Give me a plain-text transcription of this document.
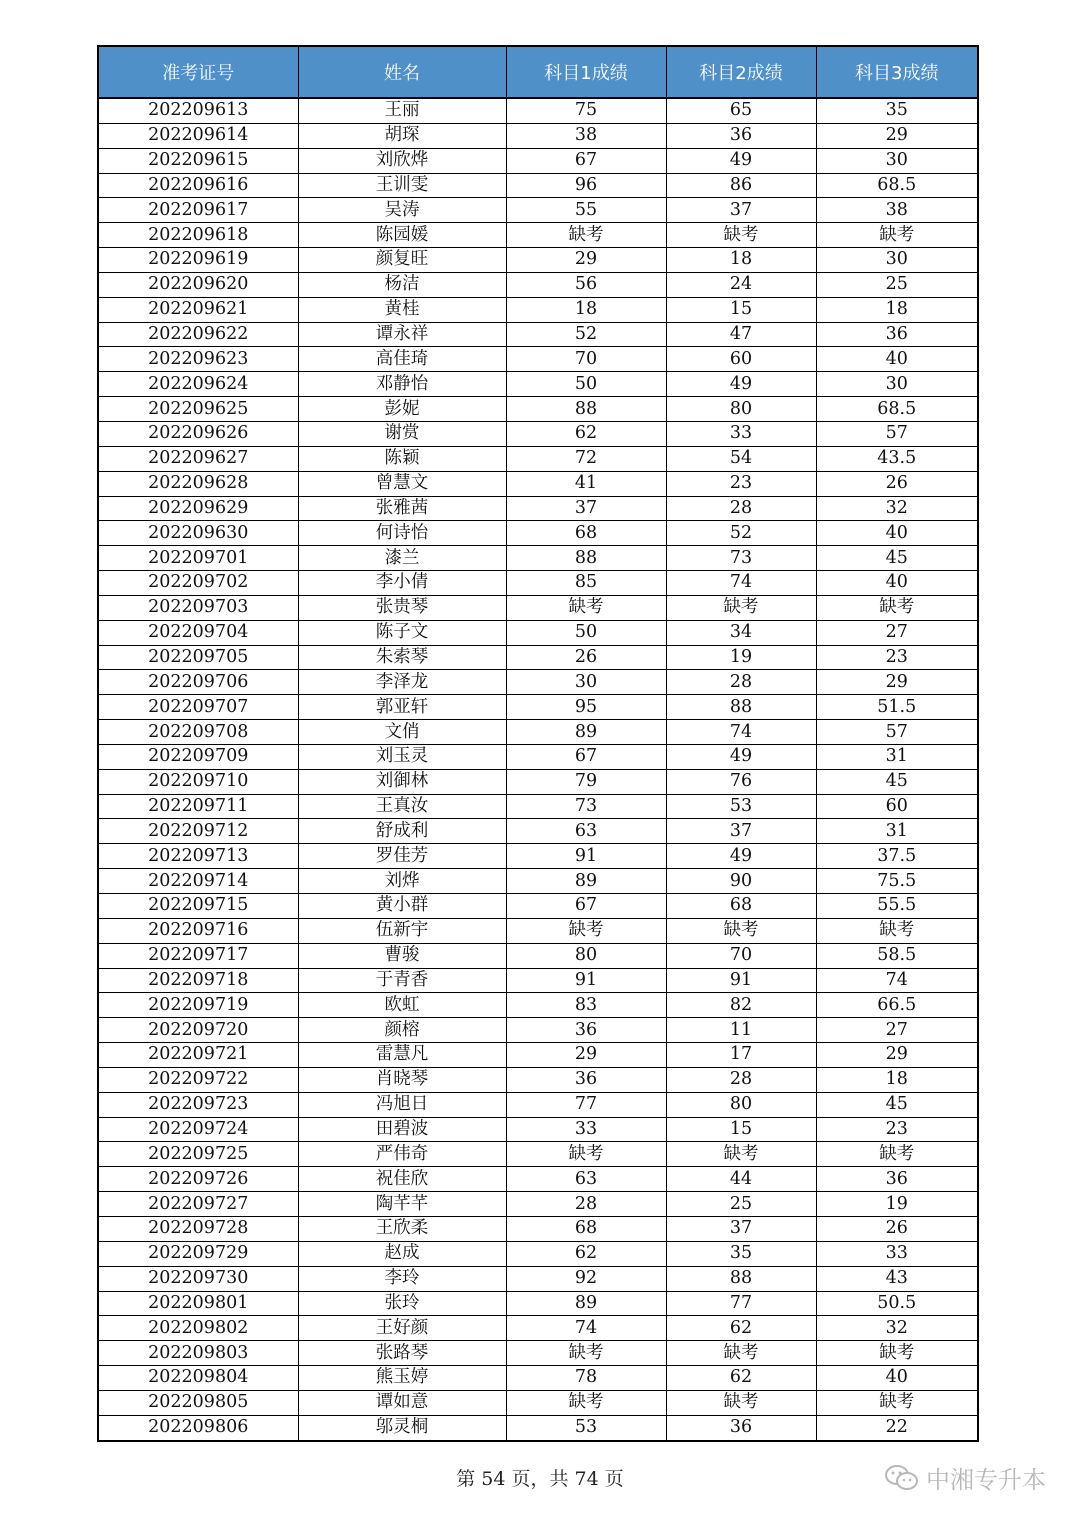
准考证号	姓名	科目1成绩	科目2成绩	科目3成绩
202209613	王丽	75	65	35
202209614	胡琛	38	36	29
202209615	刘欣烨	67	49	30
202209616	王训雯	96	86	68.5
202209617	吴涛	55	37	38
202209618	陈园媛	缺考	缺考	缺考
202209619	颜复旺	29	18	30
202209620	杨洁	56	24	25
202209621	黄桂	18	15	18
202209622	谭永祥	52	47	36
202209623	高佳琦	70	60	40
202209624	邓静怡	50	49	30
202209625	彭妮	88	80	68.5
202209626	谢赏	62	33	57
202209627	陈颖	72	54	43.5
202209628	曾慧文	41	23	26
202209629	张雅茜	37	28	32
202209630	何诗怡	68	52	40
202209701	漆兰	88	73	45
202209702	李小倩	85	74	40
202209703	张贵琴	缺考	缺考	缺考
202209704	陈子文	50	34	27
202209705	朱索琴	26	19	23
202209706	李泽龙	30	28	29
202209707	郭亚轩	95	88	51.5
202209708	文俏	89	74	57
202209709	刘玉灵	67	49	31
202209710	刘御林	79	76	45
202209711	王真汝	73	53	60
202209712	舒成利	63	37	31
202209713	罗佳芳	91	49	37.5
202209714	刘烨	89	90	75.5
202209715	黄小群	67	68	55.5
202209716	伍新宇	缺考	缺考	缺考
202209717	曹骏	80	70	58.5
202209718	于青香	91	91	74
202209719	欧虹	83	82	66.5
202209720	颜榕	36	11	27
202209721	雷慧凡	29	17	29
202209722	肖晓琴	36	28	18
202209723	冯旭日	77	80	45
202209724	田碧波	33	15	23
202209725	严伟奇	缺考	缺考	缺考
202209726	祝佳欣	63	44	36
202209727	陶芊芊	28	25	19
202209728	王欣柔	68	37	26
202209729	赵成	62	35	33
202209730	李玲	92	88	43
202209801	张玲	89	77	50.5
202209802	王好颜	74	62	32
202209803	张路琴	缺考	缺考	缺考
202209804	熊玉婷	78	62	40
202209805	谭如意	缺考	缺考	缺考
202209806	邬灵桐	53	36	22
第 54 页，共 74 页	中湘专升本
